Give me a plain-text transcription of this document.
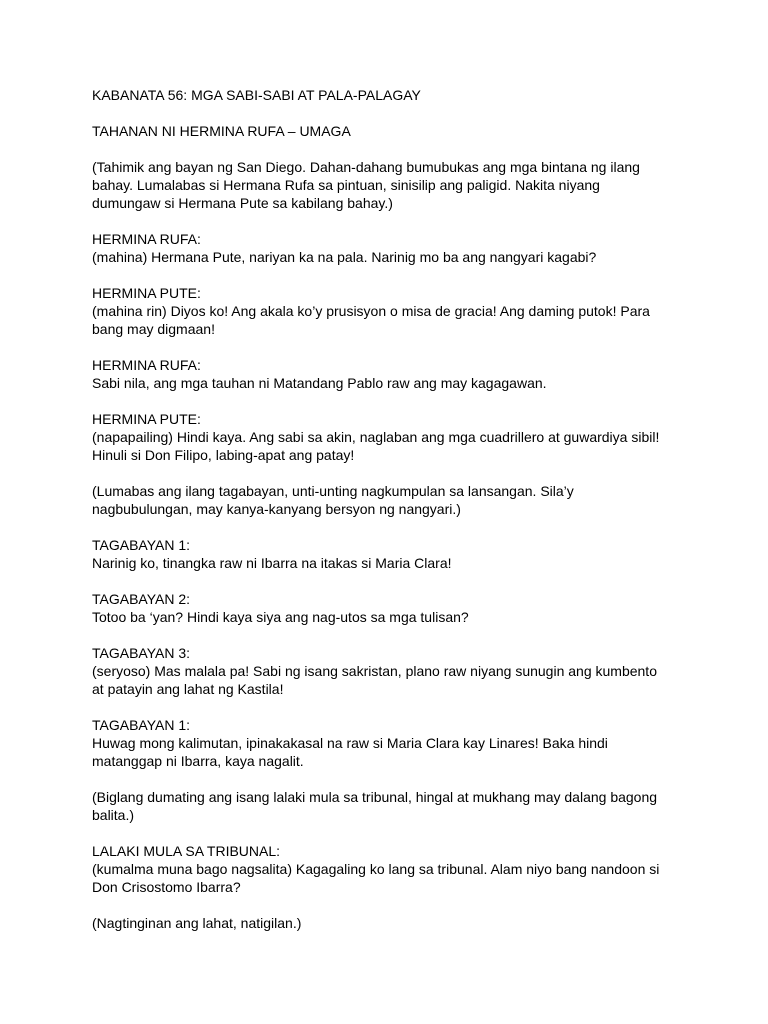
KABANATA 56: MGA SABI-SABI AT PALA-PALAGAY
TAHANAN NI HERMINA RUFA – UMAGA
(Tahimik ang bayan ng San Diego. Dahan-dahang bumubukas ang mga bintana ng ilang
bahay. Lumalabas si Hermana Rufa sa pintuan, sinisilip ang paligid. Nakita niyang
dumungaw si Hermana Pute sa kabilang bahay.)
HERMINA RUFA:
(mahina) Hermana Pute, nariyan ka na pala. Narinig mo ba ang nangyari kagabi?
HERMINA PUTE:
(mahina rin) Diyos ko! Ang akala ko’y prusisyon o misa de gracia! Ang daming putok! Para
bang may digmaan!
HERMINA RUFA:
Sabi nila, ang mga tauhan ni Matandang Pablo raw ang may kagagawan.
HERMINA PUTE:
(napapailing) Hindi kaya. Ang sabi sa akin, naglaban ang mga cuadrillero at guwardiya sibil!
Hinuli si Don Filipo, labing-apat ang patay!
(Lumabas ang ilang tagabayan, unti-unting nagkumpulan sa lansangan. Sila’y
nagbubulungan, may kanya-kanyang bersyon ng nangyari.)
TAGABAYAN 1:
Narinig ko, tinangka raw ni Ibarra na itakas si Maria Clara!
TAGABAYAN 2:
Totoo ba ‘yan? Hindi kaya siya ang nag-utos sa mga tulisan?
TAGABAYAN 3:
(seryoso) Mas malala pa! Sabi ng isang sakristan, plano raw niyang sunugin ang kumbento
at patayin ang lahat ng Kastila!
TAGABAYAN 1:
Huwag mong kalimutan, ipinakakasal na raw si Maria Clara kay Linares! Baka hindi
matanggap ni Ibarra, kaya nagalit.
(Biglang dumating ang isang lalaki mula sa tribunal, hingal at mukhang may dalang bagong
balita.)
LALAKI MULA SA TRIBUNAL:
(kumalma muna bago nagsalita) Kagagaling ko lang sa tribunal. Alam niyo bang nandoon si
Don Crisostomo Ibarra?
(Nagtinginan ang lahat, natigilan.)
